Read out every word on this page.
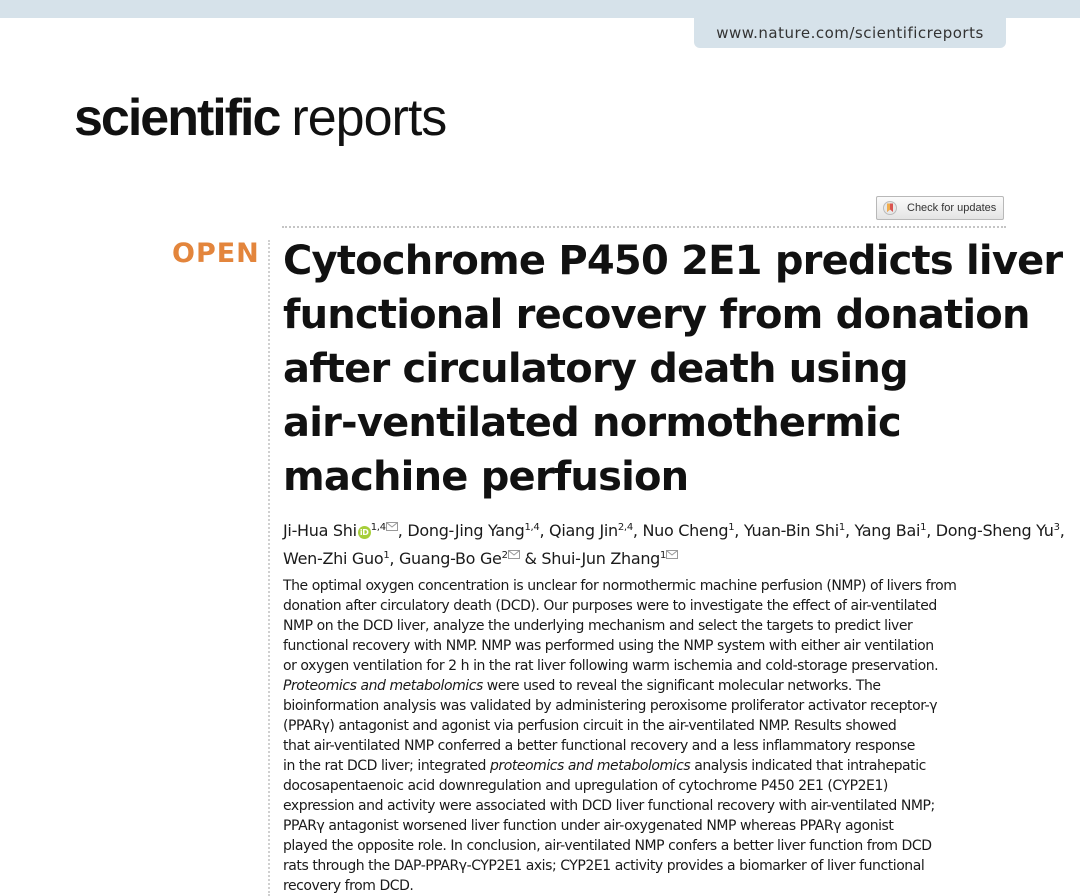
www.nature.com/scientificreports
scientific reports
Check for updates
OPEN Cytochrome P450 2E1 predicts liver
functional recovery from donation
after circulatory death using
air-ventilated normothermic
machine perfusion
Ji-Hua Shi iD $^{1,4}$ , Dong-Jing Yang$^{1,4}$, Qiang Jin$^{2,4}$, Nuo Cheng$^1$, Yuan-Bin Shi$^1$, Yang Bai$^1$, Dong-Sheng Yu$^3$,
Wen-Zhi Guo$^1$, Guang-Bo Ge$^2$ & Shui-Jun Zhang$^1$
The optimal oxygen concentration is unclear for normothermic machine perfusion (NMP) of livers from
donation after circulatory death (DCD). Our purposes were to investigate the effect of air-ventilated
NMP on the DCD liver, analyze the underlying mechanism and select the targets to predict liver
functional recovery with NMP. NMP was performed using the NMP system with either air ventilation
or oxygen ventilation for 2 h in the rat liver following warm ischemia and cold-storage preservation.
Proteomics and metabolomics were used to reveal the significant molecular networks. The
bioinformation analysis was validated by administering peroxisome proliferator activator receptor-γ
(PPARγ) antagonist and agonist via perfusion circuit in the air-ventilated NMP. Results showed
that air-ventilated NMP conferred a better functional recovery and a less inflammatory response
in the rat DCD liver; integrated proteomics and metabolomics analysis indicated that intrahepatic
docosapentaenoic acid downregulation and upregulation of cytochrome P450 2E1 (CYP2E1)
expression and activity were associated with DCD liver functional recovery with air-ventilated NMP;
PPARγ antagonist worsened liver function under air-oxygenated NMP whereas PPARγ agonist
played the opposite role. In conclusion, air-ventilated NMP confers a better liver function from DCD
rats through the DAP-PPARγ-CYP2E1 axis; CYP2E1 activity provides a biomarker of liver functional
recovery from DCD.
